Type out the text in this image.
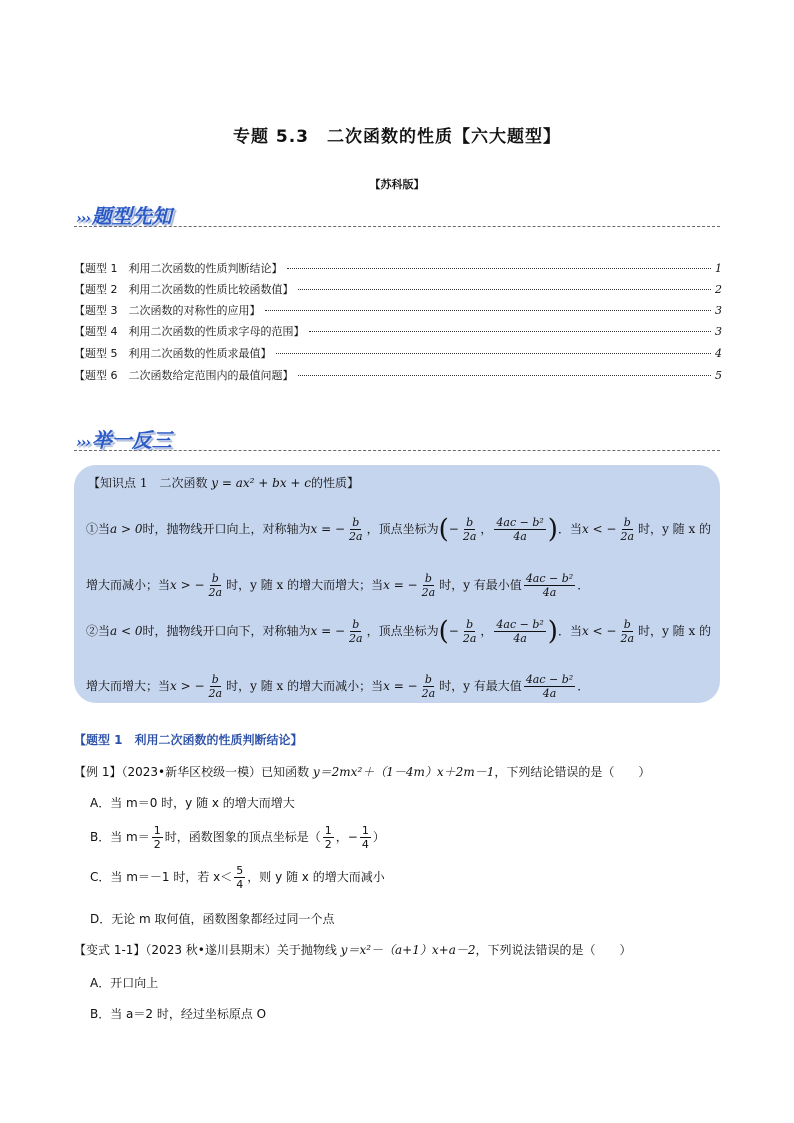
专题 5.3　二次函数的性质【六大题型】
【苏科版】
››› 题型先知
【题型 1　利用二次函数的性质判断结论】	1
【题型 2　利用二次函数的性质比较函数值】	2
【题型 3　二次函数的对称性的应用】	3
【题型 4　利用二次函数的性质求字母的范围】	3
【题型 5　利用二次函数的性质求最值】	4
【题型 6　二次函数给定范围内的最值问题】	5
››› 举一反三
【知识点 1　二次函数 y = ax² + bx + c的性质】
①当a > 0时，抛物线开口向上，对称轴为x = − $\frac{b}{2a}$ ，顶点坐标为(− $\frac{b}{2a}$ ， $\frac{\text{4ac − b²}}{4a}$ )．当x < − $\frac{b}{2a}$ 时，y 随 x 的
增大而减小；当x > − $\frac{b}{2a}$ 时，y 随 x 的增大而增大；当x = − $\frac{b}{2a}$ 时，y 有最小值 $\frac{\text{4ac − b²}}{4a}$ ．
②当a < 0时，抛物线开口向下，对称轴为x = − $\frac{b}{2a}$ ，顶点坐标为(− $\frac{b}{2a}$ ， $\frac{\text{4ac − b²}}{4a}$ )．当x < − $\frac{b}{2a}$ 时，y 随 x 的
增大而增大；当x > − $\frac{b}{2a}$ 时，y 随 x 的增大而减小；当x = − $\frac{b}{2a}$ 时，y 有最大值 $\frac{\text{4ac − b²}}{4a}$ ．
【题型 1　利用二次函数的性质判断结论】
【例 1】（2023•新华区校级一模）已知函数 y＝2mx²＋（1－4m）x＋2m－1，下列结论错误的是（　　）
A．当 m＝0 时，y 随 x 的增大而增大
B．当 $m= \frac{1}{2}$ 时，函数图象的顶点坐标是（ $\frac{1}{2}$ ，− $\frac{1}{4}$ ）
C．当 m＝－1 时，若 $x< \frac{5}{4}$ ，则 y 随 x 的增大而减小
D．无论 m 取何值，函数图象都经过同一个点
【变式 1-1】（2023 秋•遂川县期末）关于抛物线 y＝x²－（a+1）x+a－2，下列说法错误的是（　　）
A．开口向上
B．当 a＝2 时，经过坐标原点 O
